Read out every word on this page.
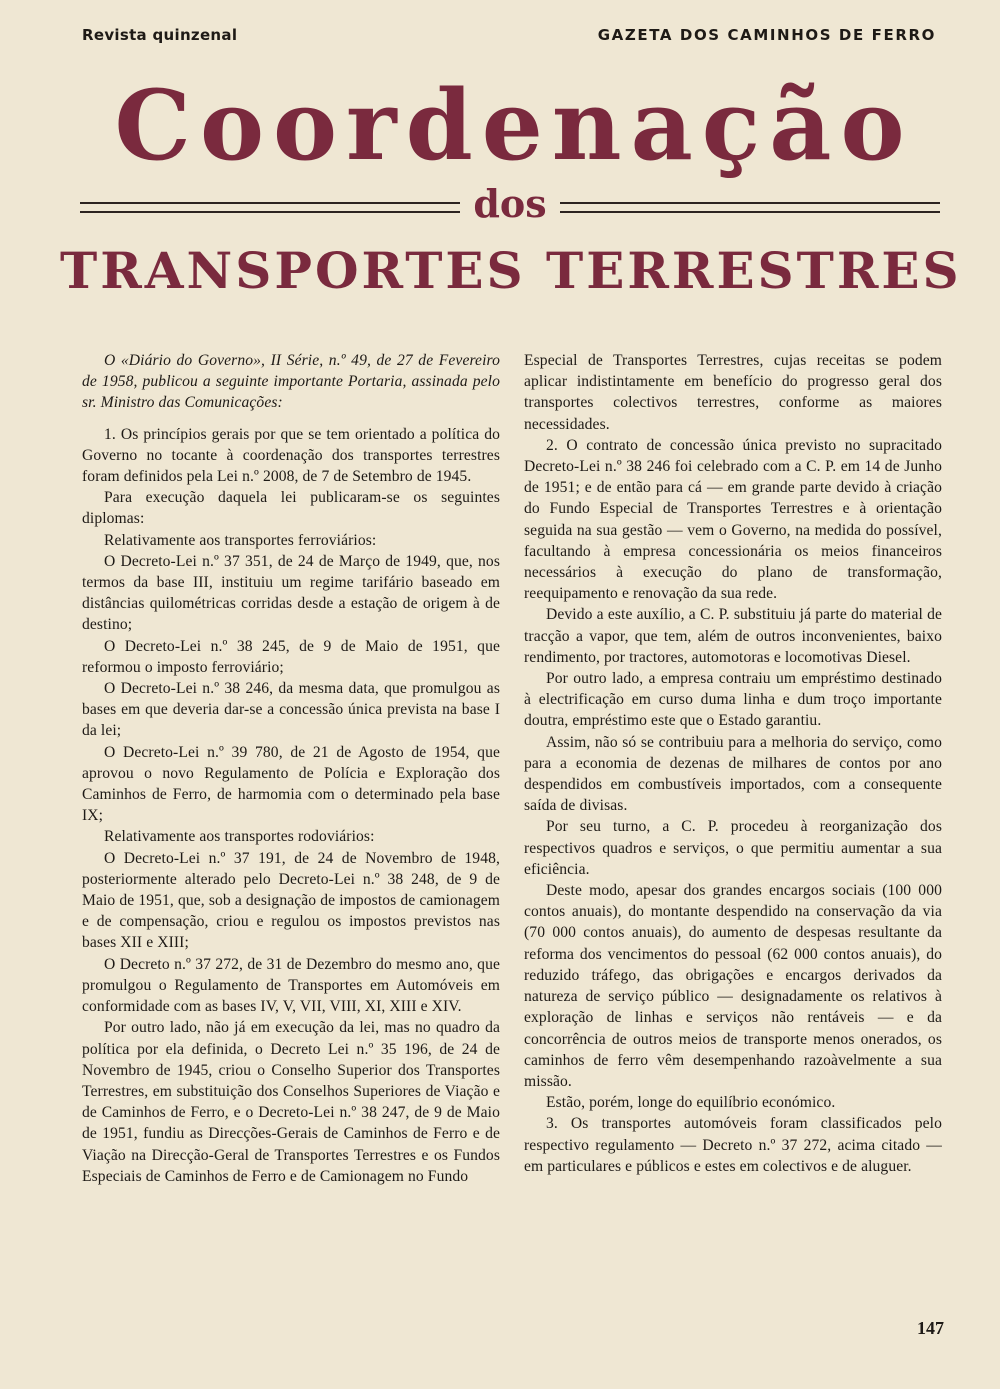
Revista quinzenal	GAZETA DOS CAMINHOS DE FERRO
Coordenação
dos
TRANSPORTES TERRESTRES

O «Diário do Governo», II Série, n.º 49, de 27 de Fevereiro de 1958, publicou a seguinte importante Portaria, assinada pelo sr. Ministro das Comunicações:

1. Os princípios gerais por que se tem orientado a política do Governo no tocante à coordenação dos transportes terrestres foram definidos pela Lei n.º 2008, de 7 de Setembro de 1945.

Para execução daquela lei publicaram-se os seguintes diplomas:

Relativamente aos transportes ferroviários:

O Decreto-Lei n.º 37 351, de 24 de Março de 1949, que, nos termos da base III, instituiu um regime tarifário baseado em distâncias quilométricas corridas desde a estação de origem à de destino;

O Decreto-Lei n.º 38 245, de 9 de Maio de 1951, que reformou o imposto ferroviário;

O Decreto-Lei n.º 38 246, da mesma data, que promulgou as bases em que deveria dar-se a concessão única prevista na base I da lei;

O Decreto-Lei n.º 39 780, de 21 de Agosto de 1954, que aprovou o novo Regulamento de Polícia e Exploração dos Caminhos de Ferro, de harmomia com o determinado pela base IX;

Relativamente aos transportes rodoviários:

O Decreto-Lei n.º 37 191, de 24 de Novembro de 1948, posteriormente alterado pelo Decreto-Lei n.º 38 248, de 9 de Maio de 1951, que, sob a designação de impostos de camionagem e de compensação, criou e regulou os impostos previstos nas bases XII e XIII;

O Decreto n.º 37 272, de 31 de Dezembro do mesmo ano, que promulgou o Regulamento de Transportes em Automóveis em conformidade com as bases IV, V, VII, VIII, XI, XIII e XIV.

Por outro lado, não já em execução da lei, mas no quadro da política por ela definida, o Decreto Lei n.º 35 196, de 24 de Novembro de 1945, criou o Conselho Superior dos Transportes Terrestres, em substituição dos Conselhos Superiores de Viação e de Caminhos de Ferro, e o Decreto-Lei n.º 38 247, de 9 de Maio de 1951, fundiu as Direcções-Gerais de Caminhos de Ferro e de Viação na Direcção-Geral de Transportes Terrestres e os Fundos Especiais de Caminhos de Ferro e de Camionagem no Fundo

Especial de Transportes Terrestres, cujas receitas se podem aplicar indistintamente em benefício do progresso geral dos transportes colectivos terrestres, conforme as maiores necessidades.

2. O contrato de concessão única previsto no supracitado Decreto-Lei n.º 38 246 foi celebrado com a C. P. em 14 de Junho de 1951; e de então para cá — em grande parte devido à criação do Fundo Especial de Transportes Terrestres e à orientação seguida na sua gestão — vem o Governo, na medida do possível, facultando à empresa concessionária os meios financeiros necessários à execução do plano de transformação, reequipamento e renovação da sua rede.

Devido a este auxílio, a C. P. substituiu já parte do material de tracção a vapor, que tem, além de outros inconvenientes, baixo rendimento, por tractores, automotoras e locomotivas Diesel.

Por outro lado, a empresa contraiu um empréstimo destinado à electrificação em curso duma linha e dum troço importante doutra, empréstimo este que o Estado garantiu.

Assim, não só se contribuiu para a melhoria do serviço, como para a economia de dezenas de milhares de contos por ano despendidos em combustíveis importados, com a consequente saída de divisas.

Por seu turno, a C. P. procedeu à reorganização dos respectivos quadros e serviços, o que permitiu aumentar a sua eficiência.

Deste modo, apesar dos grandes encargos sociais (100 000 contos anuais), do montante despendido na conservação da via (70 000 contos anuais), do aumento de despesas resultante da reforma dos vencimentos do pessoal (62 000 contos anuais), do reduzido tráfego, das obrigações e encargos derivados da natureza de serviço público — designadamente os relativos à exploração de linhas e serviços não rentáveis — e da concorrência de outros meios de transporte menos onerados, os caminhos de ferro vêm desempenhando razoàvelmente a sua missão.

Estão, porém, longe do equilíbrio económico.

3. Os transportes automóveis foram classificados pelo respectivo regulamento — Decreto n.º 37 272, acima citado — em particulares e públicos e estes em colectivos e de aluguer.

147
